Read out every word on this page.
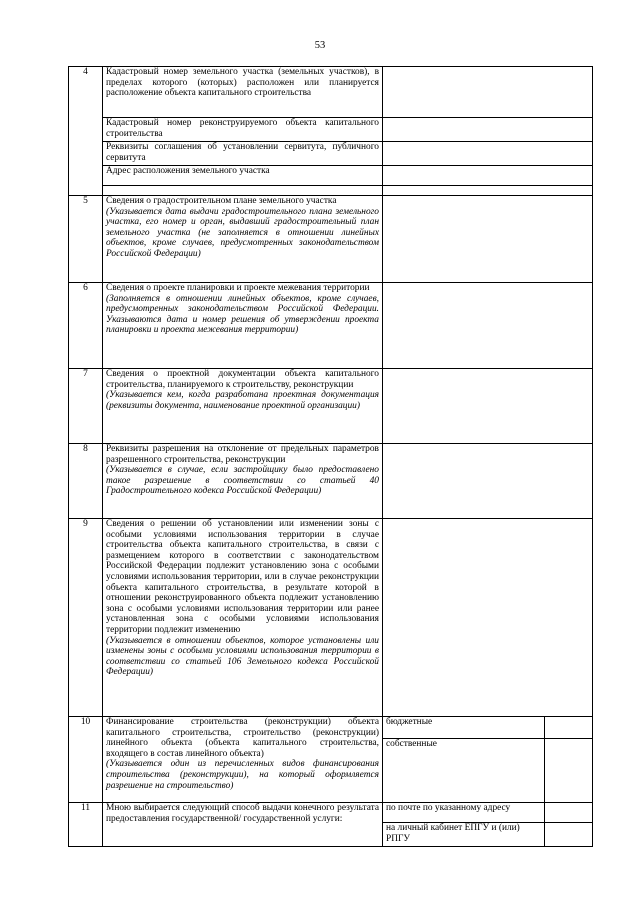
53
4	Кадастровый номер земельного участка (земельных участков), в пределах которого (которых) расположен или планируется расположение объекта капитального строительства		
	Кадастровый номер реконструируемого объекта капитального строительства		
	Реквизиты соглашения об установлении сервитута, публичного сервитута		
	Адрес расположения земельного участка		

5	Сведения о градостроительном плане земельного участка
(Указывается дата выдачи градостроительного плана земельного участка, его номер и орган, выдавший градостроительный план земельного участка (не заполняется в отношении линейных объектов, кроме случаев, предусмотренных законодательством Российской Федерации)		

6	Сведения о проекте планировки и проекте межевания территории
(Заполняется в отношении линейных объектов, кроме случаев, предусмотренных законодательством Российской Федерации. Указываются дата и номер решения об утверждении проекта планировки и проекта межевания территории)		

7	Сведения о проектной документации объекта капитального строительства, планируемого к строительству, реконструкции
(Указывается кем, когда разработана проектная документация (реквизиты документа, наименование проектной организации)		

8	Реквизиты разрешения на отклонение от предельных параметров разрешенного строительства, реконструкции
(Указывается в случае, если застройщику было предоставлено такое разрешение в соответствии со статьей 40 Градостроительного кодекса Российской Федерации)		

9	Сведения о решении об установлении или изменении зоны с особыми условиями использования территории в случае строительства объекта капитального строительства, в связи с размещением которого в соответствии с законодательством Российской Федерации подлежит установлению зона с особыми условиями использования территории, или в случае реконструкции объекта капитального строительства, в результате которой в отношении реконструированного объекта подлежит установлению зона с особыми условиями использования территории или ранее установленная зона с особыми условиями использования территории подлежит изменению
(Указывается в отношении объектов, которое установлены или изменены зоны с особыми условиями использования территории в соответствии со статьей 106 Земельного кодекса Российской Федерации)		

10	Финансирование строительства (реконструкции) объекта капитального строительства, строительство (реконструкции) линейного объекта (объекта капитального строительства, входящего в состав линейного объекта)
(Указывается один из перечисленных видов финансирования строительства (реконструкции), на который оформляется разрешение на строительство)	бюджетные	
		собственные	
11	Мною выбирается следующий способ выдачи конечного результата предоставления государственной/ государственной услуги:	по почте по указанному адресу	
		на личный кабинет ЕПГУ и (или) РПГУ	
